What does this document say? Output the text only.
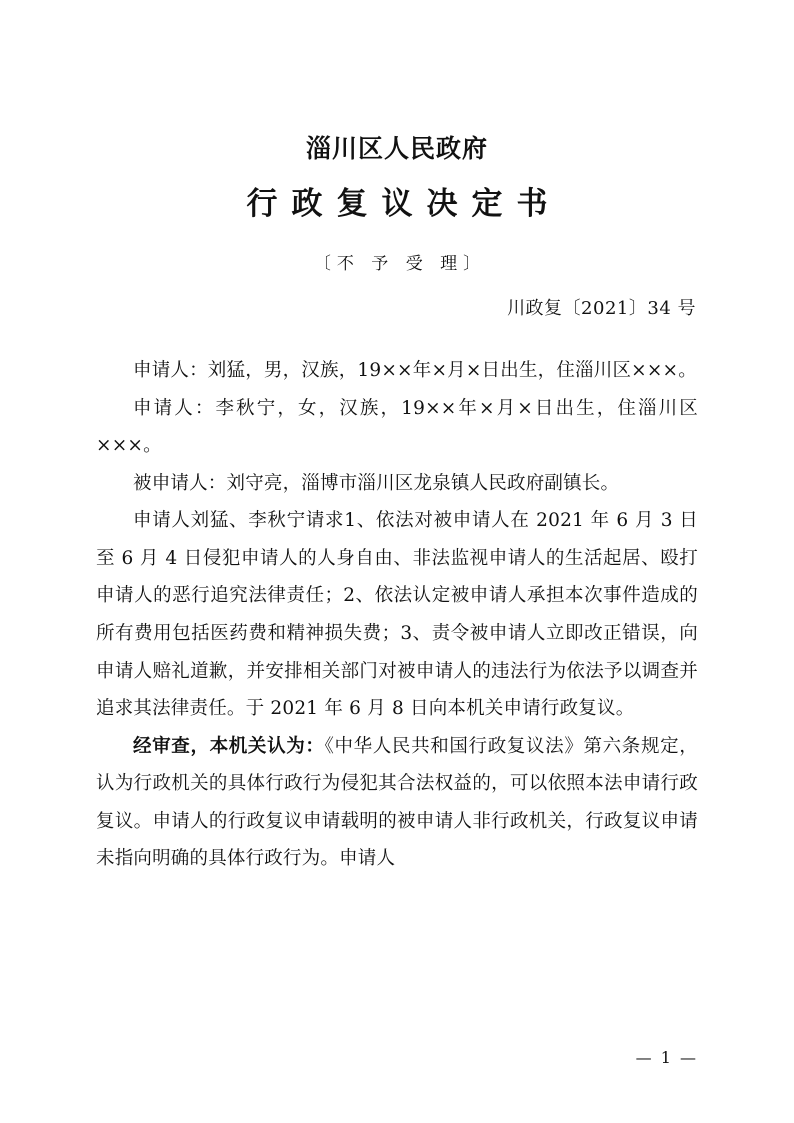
淄川区人民政府
行政复议决定书
〔不 予 受 理〕
川政复〔2021〕34 号

申请人：刘猛，男，汉族，19××年×月×日出生，住淄川区×××。

申请人：李秋宁，女，汉族，19××年×月×日出生，住淄川区×××。

被申请人：刘守亮，淄博市淄川区龙泉镇人民政府副镇长。

申请人刘猛、李秋宁请求1、依法对被申请人在 2021 年 6 月 3 日至 6 月 4 日侵犯申请人的人身自由、非法监视申请人的生活起居、殴打申请人的恶行追究法律责任；2、依法认定被申请人承担本次事件造成的所有费用包括医药费和精神损失费；3、责令被申请人立即改正错误，向申请人赔礼道歉，并安排相关部门对被申请人的违法行为依法予以调查并追求其法律责任。于 2021 年 6 月 8 日向本机关申请行政复议。

经审查，本机关认为：《中华人民共和国行政复议法》第六条规定，认为行政机关的具体行政行为侵犯其合法权益的，可以依照本法申请行政复议。申请人的行政复议申请载明的被申请人非行政机关，行政复议申请未指向明确的具体行政行为。申请人

— 1 —
